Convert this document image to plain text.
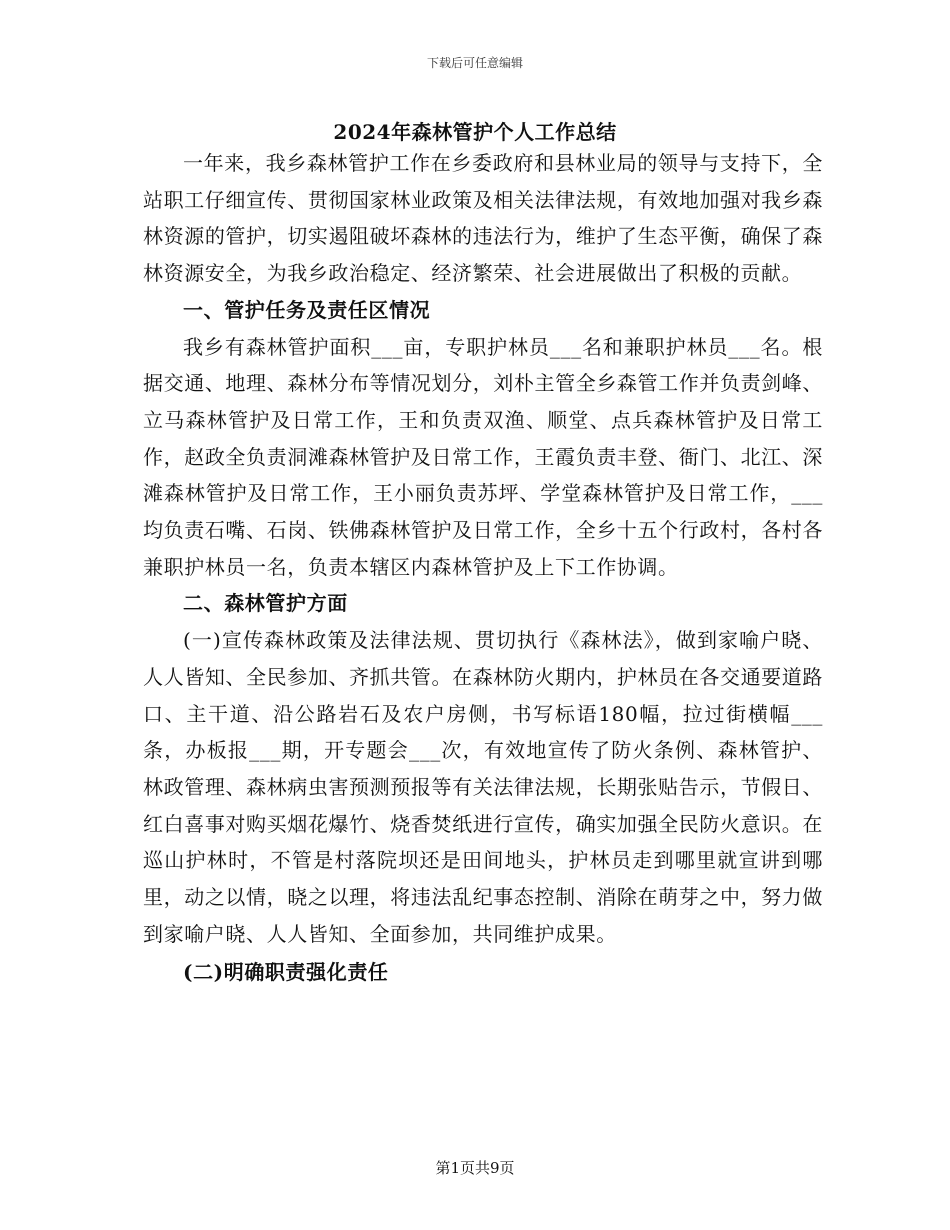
下载后可任意编辑
2024年森林管护个人工作总结

一年来，我乡森林管护工作在乡委政府和县林业局的领导与支持下，全站职工仔细宣传、贯彻国家林业政策及相关法律法规，有效地加强对我乡森林资源的管护，切实遏阻破坏森林的违法行为，维护了生态平衡，确保了森林资源安全，为我乡政治稳定、经济繁荣、社会进展做出了积极的贡献。

一、管护任务及责任区情况

我乡有森林管护面积___亩，专职护林员___名和兼职护林员___名。根据交通、地理、森林分布等情况划分，刘朴主管全乡森管工作并负责剑峰、立马森林管护及日常工作，王和负责双渔、顺堂、点兵森林管护及日常工作，赵政全负责洞滩森林管护及日常工作，王霞负责丰登、衙门、北江、深滩森林管护及日常工作，王小丽负责苏坪、学堂森林管护及日常工作，___均负责石嘴、石岗、铁佛森林管护及日常工作，全乡十五个行政村，各村各兼职护林员一名，负责本辖区内森林管护及上下工作协调。

二、森林管护方面

(一)宣传森林政策及法律法规、贯切执行《森林法》，做到家喻户晓、人人皆知、全民参加、齐抓共管。在森林防火期内，护林员在各交通要道路口、主干道、沿公路岩石及农户房侧，书写标语180幅，拉过街横幅___条，办板报___期，开专题会___次，有效地宣传了防火条例、森林管护、林政管理、森林病虫害预测预报等有关法律法规，长期张贴告示，节假日、红白喜事对购买烟花爆竹、烧香焚纸进行宣传，确实加强全民防火意识。在巡山护林时，不管是村落院坝还是田间地头，护林员走到哪里就宣讲到哪里，动之以情，晓之以理，将违法乱纪事态控制、消除在萌芽之中，努力做到家喻户晓、人人皆知、全面参加，共同维护成果。

(二)明确职责强化责任
第1页共9页
